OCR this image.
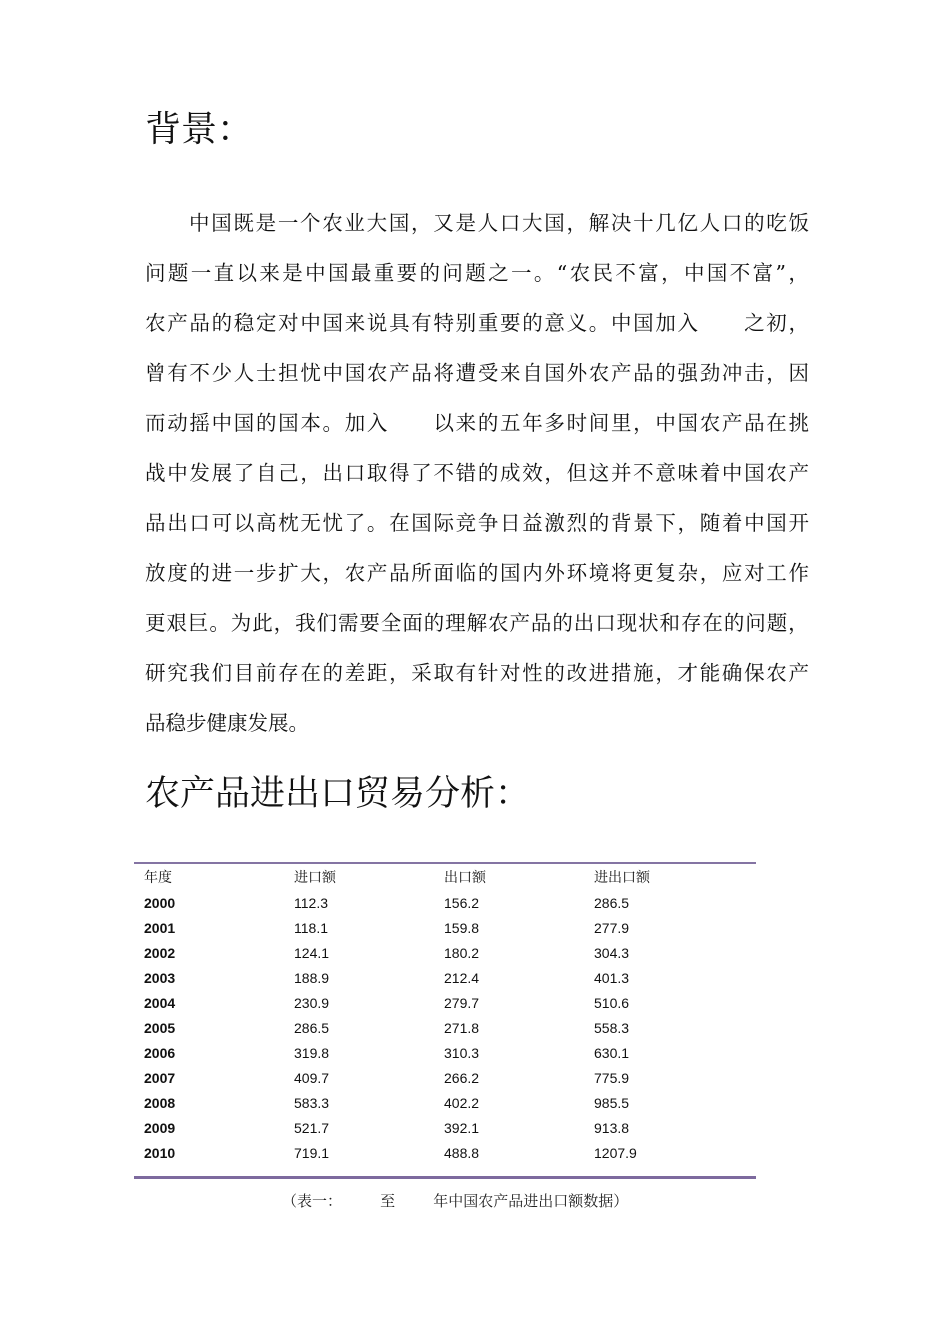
背景：
中 国 既 是 一 个 农 业 大 国 ， 又 是 人 口 大 国 ， 解 决 十 几 亿 人 口 的 吃 饭
问 题 一 直 以 来 是 中 国 最 重 要 的 问 题 之 一 。 “ 农 民 不 富 ， 中 国 不 富 ” ，
农 产 品 的 稳 定 对 中 国 来 说 具 有 特 别 重 要 的 意 义 。 中 国 加 入

　 之 初 ，
曾 有 不 少 人 士 担 忧 中 国 农 产 品 将 遭 受 来 自 国 外 农 产 品 的 强 劲 冲 击 ， 因
而 动 摇 中 国 的 国 本 。 加 入

　 以 来 的 五 年 多 时 间 里 ， 中 国 农 产 品 在 挑
战 中 发 展 了 自 己 ， 出 口 取 得 了 不 错 的 成 效 ， 但 这 并 不 意 味 着 中 国 农 产
品 出 口 可 以 高 枕 无 忧 了 。 在 国 际 竞 争 日 益 激 烈 的 背 景 下 ， 随 着 中 国 开
放 度 的 进 一 步 扩 大 ， 农 产 品 所 面 临 的 国 内 外 环 境 将 更 复 杂 ， 应 对 工 作
更 艰 巨 。 为 此 ， 我 们 需 要 全 面 的 理 解 农 产 品 的 出 口 现 状 和 存 在 的 问 题 ，
研 究 我 们 目 前 存 在 的 差 距 ， 采 取 有 针 对 性 的 改 进 措 施 ， 才 能 确 保 农 产
品稳步健康发展。
农产品进出口贸易分析：
年度	进口额	出口额	进出口额
2000	112.3	156.2	286.5
2001	118.1	159.8	277.9
2002	124.1	180.2	304.3
2003	188.9	212.4	401.3
2004	230.9	279.7	510.6
2005	286.5	271.8	558.3
2006	319.8	310.3	630.1
2007	409.7	266.2	775.9
2008	583.3	402.2	985.5
2009	521.7	392.1	913.8
2010	719.1	488.8	1207.9
（表一：        至        年中国农产品进出口额数据）
